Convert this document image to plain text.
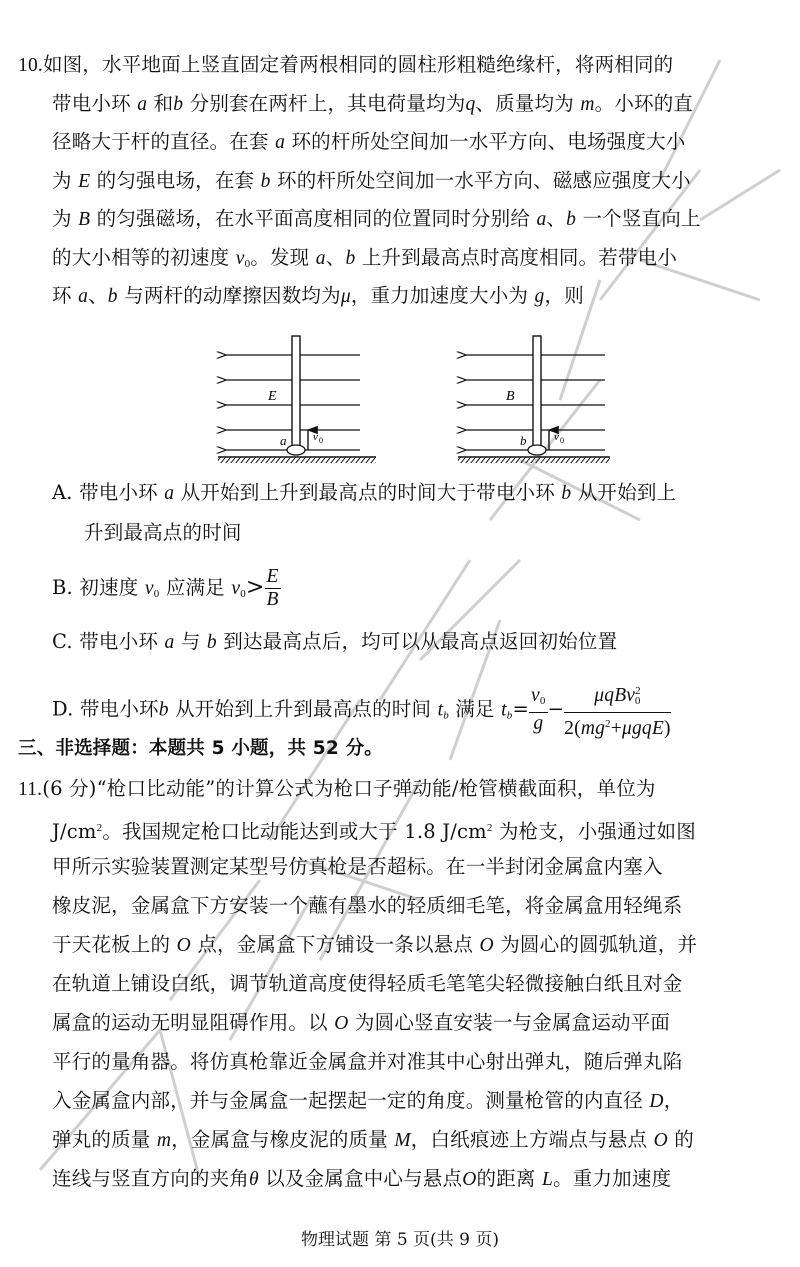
10.如图，水平地面上竖直固定着两根相同的圆柱形粗糙绝缘杆，将两相同的
带电小环 a 和b 分别套在两杆上，其电荷量均为q、质量均为 m。小环的直
径略大于杆的直径。在套 a 环的杆所处空间加一水平方向、电场强度大小
为 E 的匀强电场，在套 b 环的杆所处空间加一水平方向、磁感应强度大小
为 B 的匀强磁场，在水平面高度相同的位置同时分别给 a、b 一个竖直向上
的大小相等的初速度 $v_0$。发现 a、b 上升到最高点时高度相同。若带电小
环 a、b 与两杆的动摩擦因数均为μ，重力加速度大小为 g，则
E
a v 0
B
b	v 0
A. 带电小环 a 从开始到上升到最高点的时间大于带电小环 b 从开始到上
升到最高点的时间
B. 初速度 $v_0$ 应满足 $v_0> \frac{E}{B}$
C. 带电小环 a 与 b 到达最高点后，均可以从最高点返回初始位置
D. 带电小环b 从开始到上升到最高点的时间 $t_b$ 满足 $t_b= \frac{v_0}{g} - \frac{\mu qBv^2_0}{2(mg^2+\mu gqE)}$
三、非选择题：本题共 5 小题，共 52 分。
11.(6 分)“枪口比动能”的计算公式为枪口子弹动能/枪管横截面积，单位为
$J/cm^2$。我国规定枪口比动能达到或大于 1.8 $J/cm^2$ 为枪支，小强通过如图
甲所示实验装置测定某型号仿真枪是否超标。在一半封闭金属盒内塞入
橡皮泥，金属盒下方安装一个蘸有墨水的轻质细毛笔，将金属盒用轻绳系
于天花板上的 O 点，金属盒下方铺设一条以悬点 O 为圆心的圆弧轨道，并
在轨道上铺设白纸，调节轨道高度使得轻质毛笔笔尖轻微接触白纸且对金
属盒的运动无明显阻碍作用。以 O 为圆心竖直安装一与金属盒运动平面
平行的量角器。将仿真枪靠近金属盒并对准其中心射出弹丸，随后弹丸陷
入金属盒内部，并与金属盒一起摆起一定的角度。测量枪管的内直径 D，
弹丸的质量 m，金属盒与橡皮泥的质量 M，白纸痕迹上方端点与悬点 O 的
连线与竖直方向的夹角θ 以及金属盒中心与悬点O的距离 L。重力加速度
物理试题 第 5 页(共 9 页)
